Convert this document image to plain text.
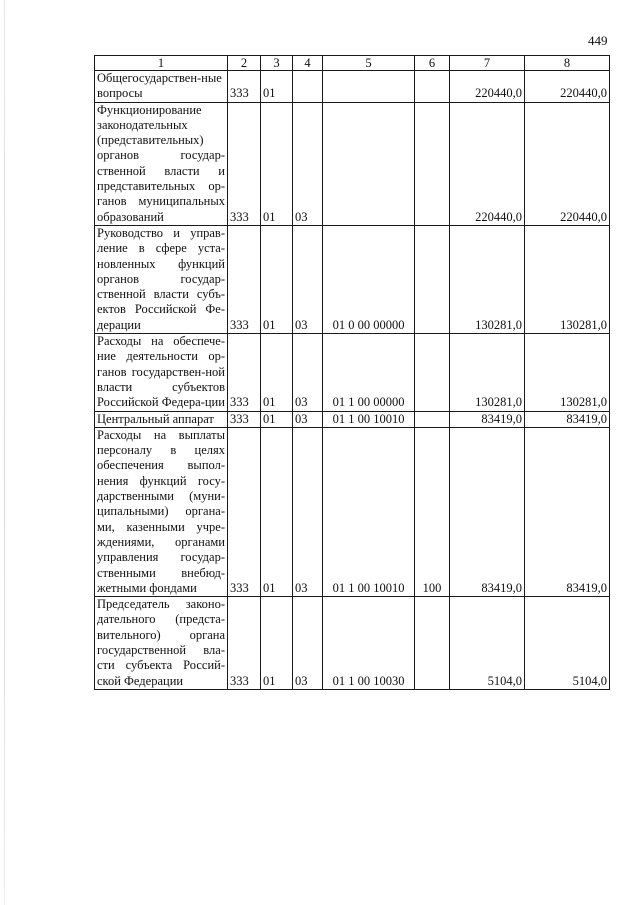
449
1	2	3	4	5	6	7	8
Общегосударствен-ные вопросы	333	01				220440,0	220440,0
Функционирование законодательных (представительных) органов государ-ственной власти и представительных ор-ганов муниципальных образований	333	01	03			220440,0	220440,0
Руководство и управ-ление в сфере уста-новленных функций органов государ-ственной власти субъ-ектов Российской Фе-дерации	333	01	03	01 0 00 00000		130281,0	130281,0
Расходы на обеспече-ние деятельности ор-ганов государствен-ной власти субъектов Российской Федера-ции	333	01	03	01 1 00 00000		130281,0	130281,0
Центральный аппарат	333	01	03	01 1 00 10010		83419,0	83419,0
Расходы на выплаты персоналу в целях обеспечения выпол-нения функций госу-дарственными (муни-ципальными) органа-ми, казенными учре-ждениями, органами управления государ-ственными внебюд-жетными фондами	333	01	03	01 1 00 10010	100	83419,0	83419,0
Председатель законо-дательного (предста-вительного) органа государственной вла-сти субъекта Россий-ской Федерации	333	01	03	01 1 00 10030		5104,0	5104,0
